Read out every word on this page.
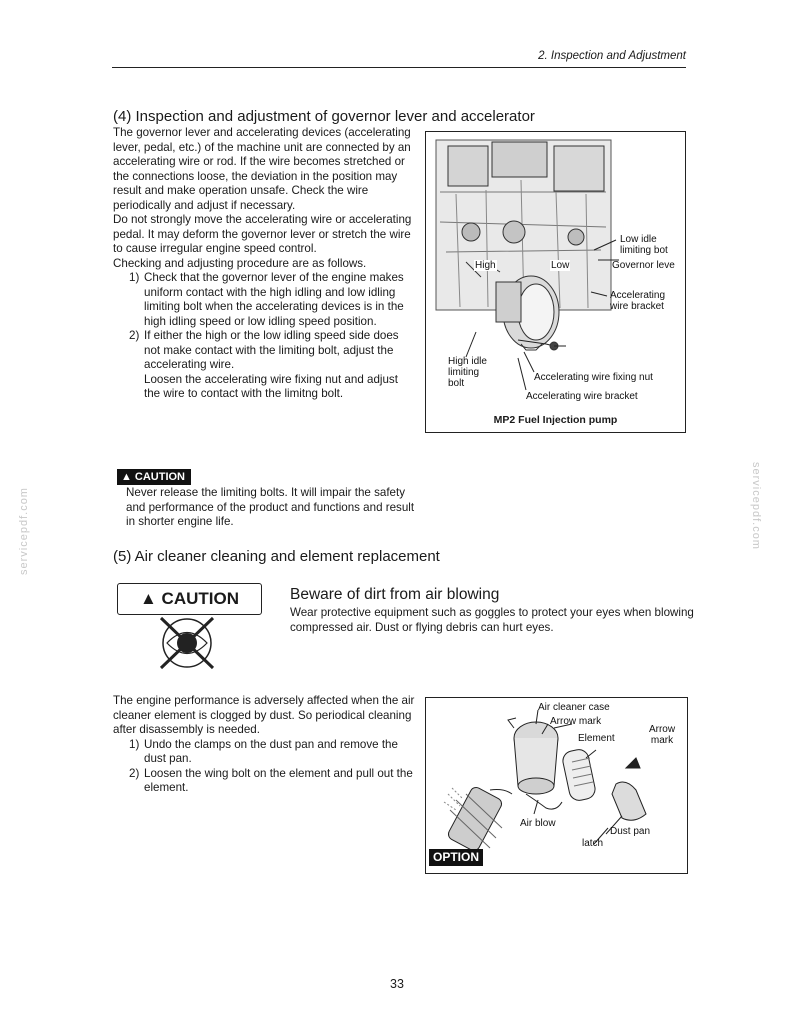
2. Inspection and Adjustment
(4) Inspection and adjustment of governor lever and accelerator

The governor lever and accelerating devices (accelerating lever, pedal, etc.) of the machine unit are connected by an accelerating wire or rod. If the wire becomes stretched or the connections loose, the deviation in the position may result and make operation unsafe. Check the wire periodically and adjust if necessary.

Do not strongly move the accelerating wire or accelerating pedal. It may deform the governor lever or stretch the wire to cause irregular engine speed control.

Checking and adjusting procedure are as follows.

1) Check that the governor lever of the engine makes uniform contact with the high idling and low idling limiting bolt when the accelerating devices is in the high idling speed or low idling speed position.
2) If either the high or the low idling speed side does not make contact with the limiting bolt, adjust the accelerating wire.
Loosen the accelerating wire fixing nut and adjust the wire to contact with the limitng bolt.
High	Low
Low idle limiting bot
Governor leve
Accelerating wire bracket
High idle limiting bolt
Accelerating wire fixing nut
Accelerating wire bracket
MP2 Fuel Injection pump
▲ CAUTION
Never release the limiting bolts. It will impair the safety and performance of the product and functions and result in shorter engine life.
(5) Air cleaner cleaning and element replacement
▲ CAUTION	Beware of dirt from air blowing
Wear protective equipment such as goggles to protect your eyes when blowing compressed air. Dust or flying debris can hurt eyes.
The engine performance is adversely affected when the air cleaner element is clogged by dust. So periodical cleaning after disassembly is needed.
1) Undo the clamps on the dust pan and remove the dust pan.
2) Loosen the wing bolt on the element and pull out the element.
Air cleaner case
Arrow mark
Element
Arrow mark
Air blow
Dust pan
latch
OPTION
33
servicepdf.com	servicepdf.com
